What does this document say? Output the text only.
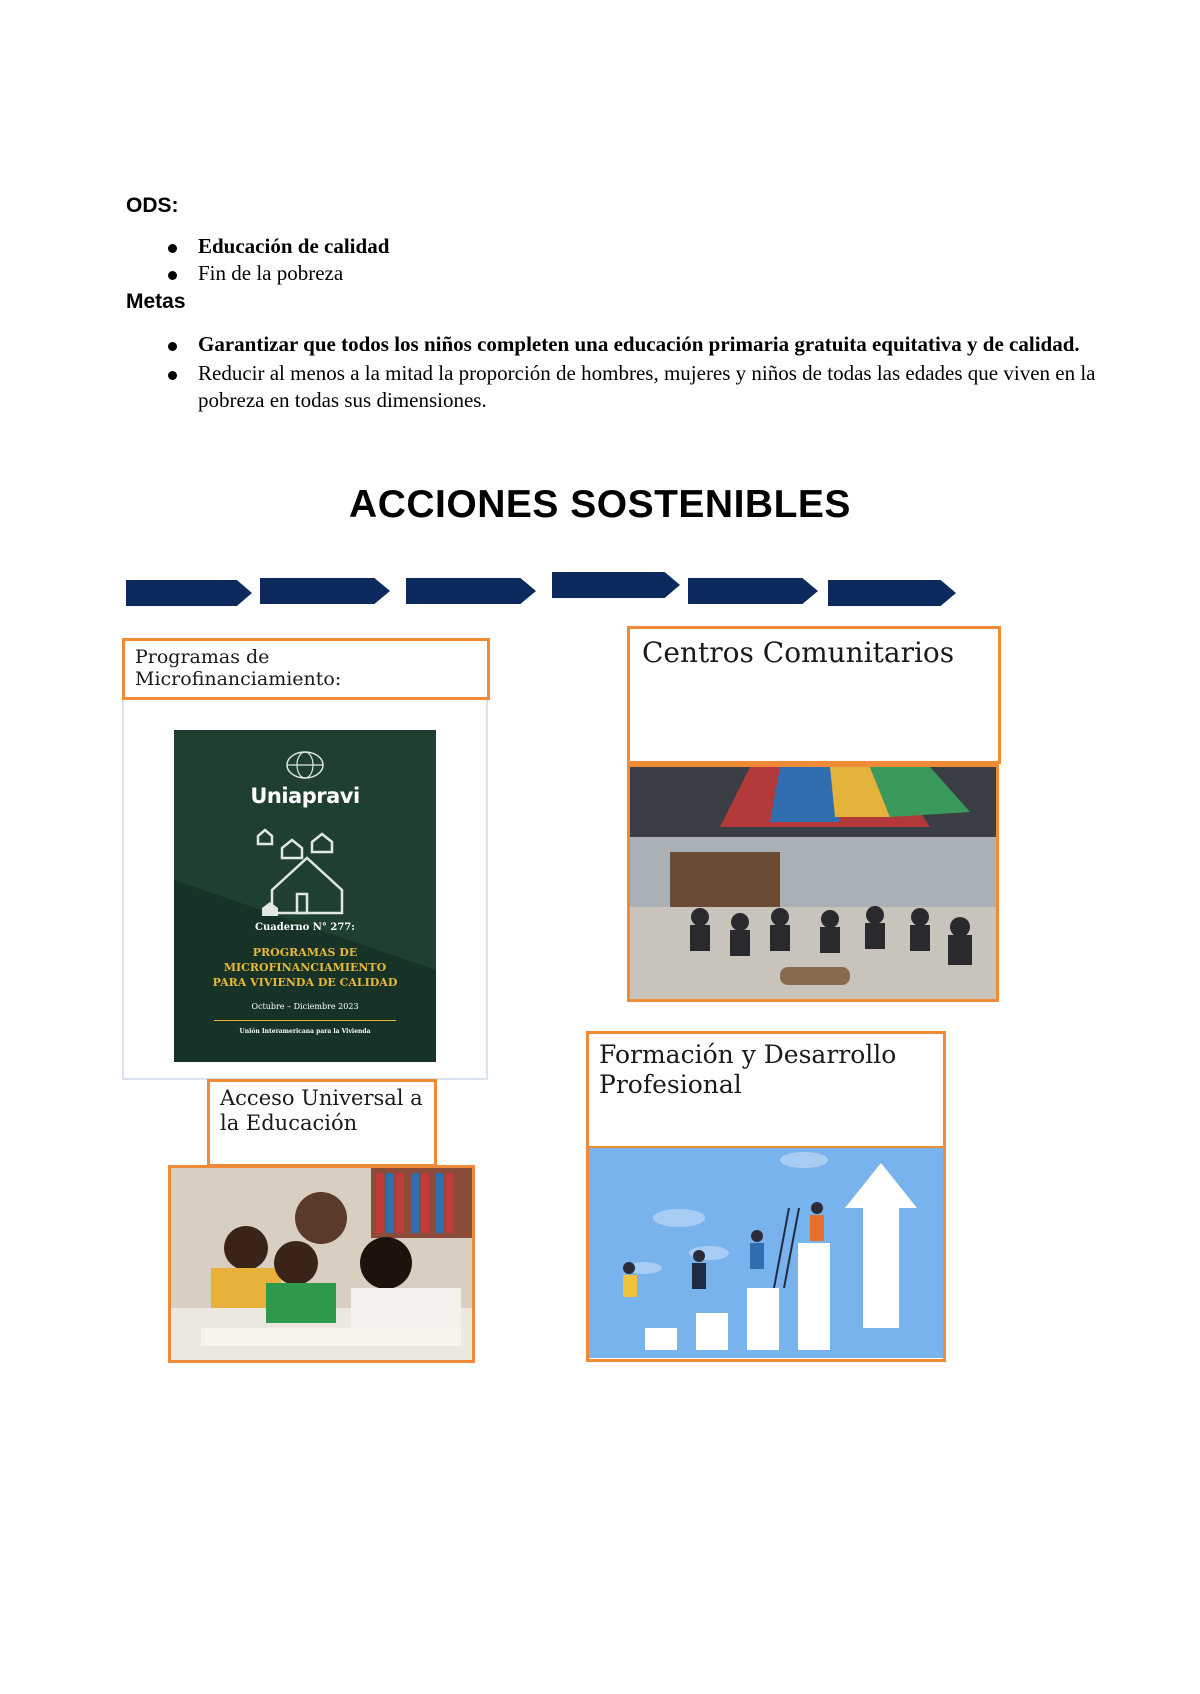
ODS:
Educación de calidad
Fin de la pobreza
Metas
Garantizar que todos los niños completen una educación primaria gratuita equitativa y de calidad.
Reducir al menos a la mitad la proporción de hombres, mujeres y niños de todas las edades que viven en la pobreza en todas sus dimensiones.
ACCIONES SOSTENIBLES
Programas de Microfinanciamiento:
Uniapravi
Cuaderno N° 277:
PROGRAMAS DE
MICROFINANCIAMIENTO
PARA VIVIENDA DE CALIDAD
Octubre – Diciembre 2023
Unión Interamericana para la Vivienda
Centros Comunitarios
Acceso Universal a la Educación
Formación y Desarrollo Profesional
